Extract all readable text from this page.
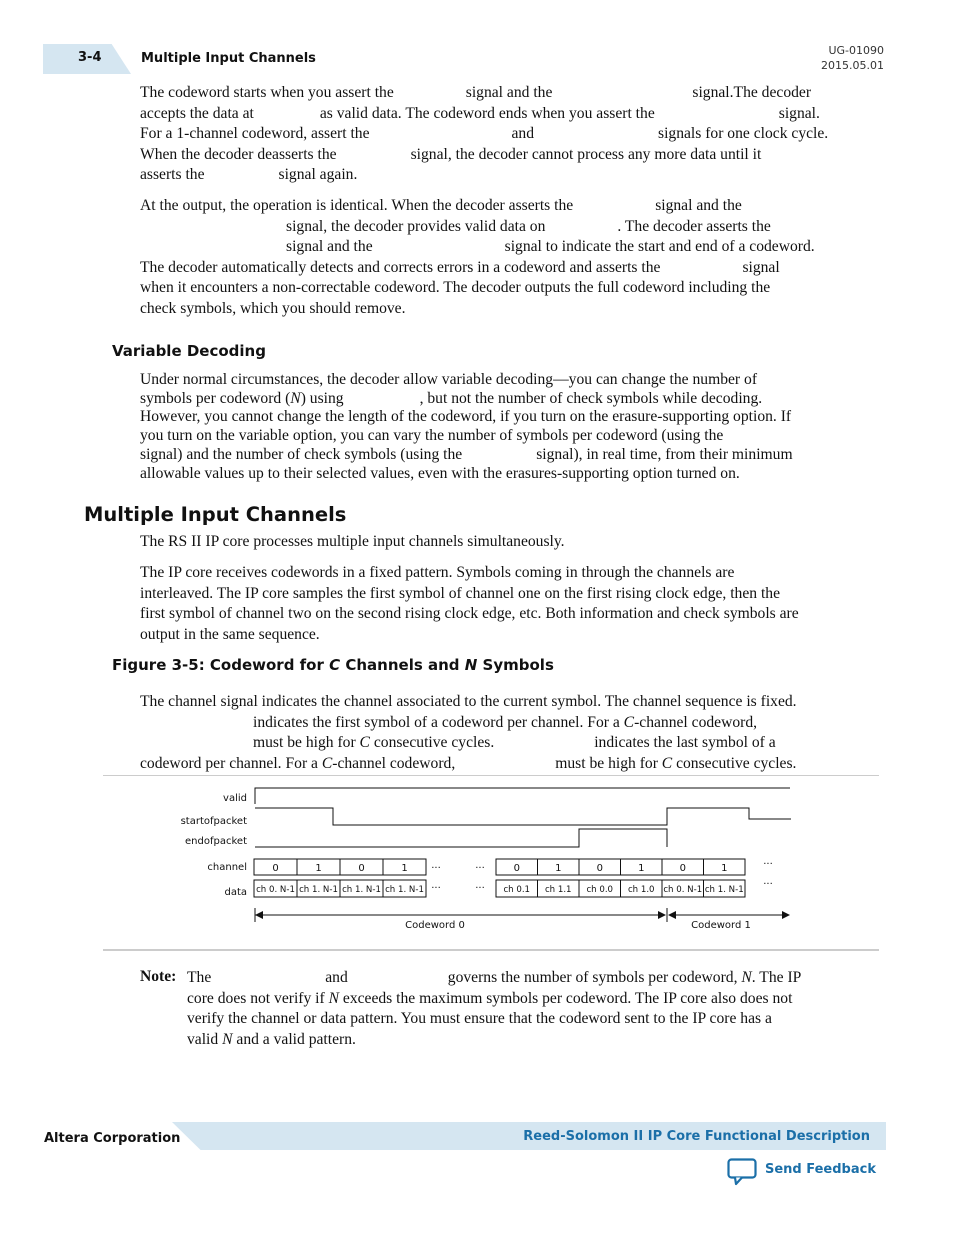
3-4	Multiple Input Channels
UG-01090
2015.05.01

The codeword starts when you assert the	signal and the	signal.The decoder

accepts the data at	as valid data. The codeword ends when you assert the	signal.

For a 1-channel codeword, assert the	and	signals for one clock cycle.

When the decoder deasserts the	signal, the decoder cannot process any more data until it

asserts the	signal again.

At the output, the operation is identical. When the decoder asserts the	signal and the

signal, the decoder provides valid data on	. The decoder asserts the

signal and the	signal to indicate the start and end of a codeword.

The decoder automatically detects and corrects errors in a codeword and asserts the	signal

when it encounters a non-correctable codeword. The decoder outputs the full codeword including the

check symbols, which you should remove.

Variable Decoding

Under normal circumstances, the decoder allow variable decoding—you can change the number of

symbols per codeword (N) using	, but not the number of check symbols while decoding.

However, you cannot change the length of the codeword, if you turn on the erasure-supporting option. If

you turn on the variable option, you can vary the number of symbols per codeword (using the

signal) and the number of check symbols (using the	signal), in real time, from their minimum

allowable values up to their selected values, even with the erasures-supporting option turned on.

Multiple Input Channels

The RS II IP core processes multiple input channels simultaneously.

The IP core receives codewords in a fixed pattern. Symbols coming in through the channels are

interleaved. The IP core samples the first symbol of channel one on the first rising clock edge, then the

first symbol of channel two on the second rising clock edge, etc. Both information and check symbols are

output in the same sequence.

Figure 3-5: Codeword for C Channels and N Symbols

The channel signal indicates the channel associated to the current symbol. The channel sequence is fixed.

indicates the first symbol of a codeword per channel. For a C-channel codeword,

must be high for C consecutive cycles.	indicates the last symbol of a

codeword per channel. For a C-channel codeword,	must be high for C consecutive cycles.

valid
startofpacket
endofpacket
channel
data
0	1	0	1
ch 0. N-1 ch 1. N-1 ch 1. N-1 ch 1. N-1
0	1	0	1	0	1
ch 0.1 ch 1.1 ch 0.0 ch 1.0 ch 0. N-1 ch 1. N-1
...	...
...	...
...
...
Codeword 0	Codeword 1
Note: The	and	governs the number of symbols per codeword, N. The IP

core does not verify if N exceeds the maximum symbols per codeword. The IP core also does not

verify the channel or data pattern. You must ensure that the codeword sent to the IP core has a

valid N and a valid pattern.

Altera Corporation	Reed-Solomon II IP Core Functional Description
Send Feedback
